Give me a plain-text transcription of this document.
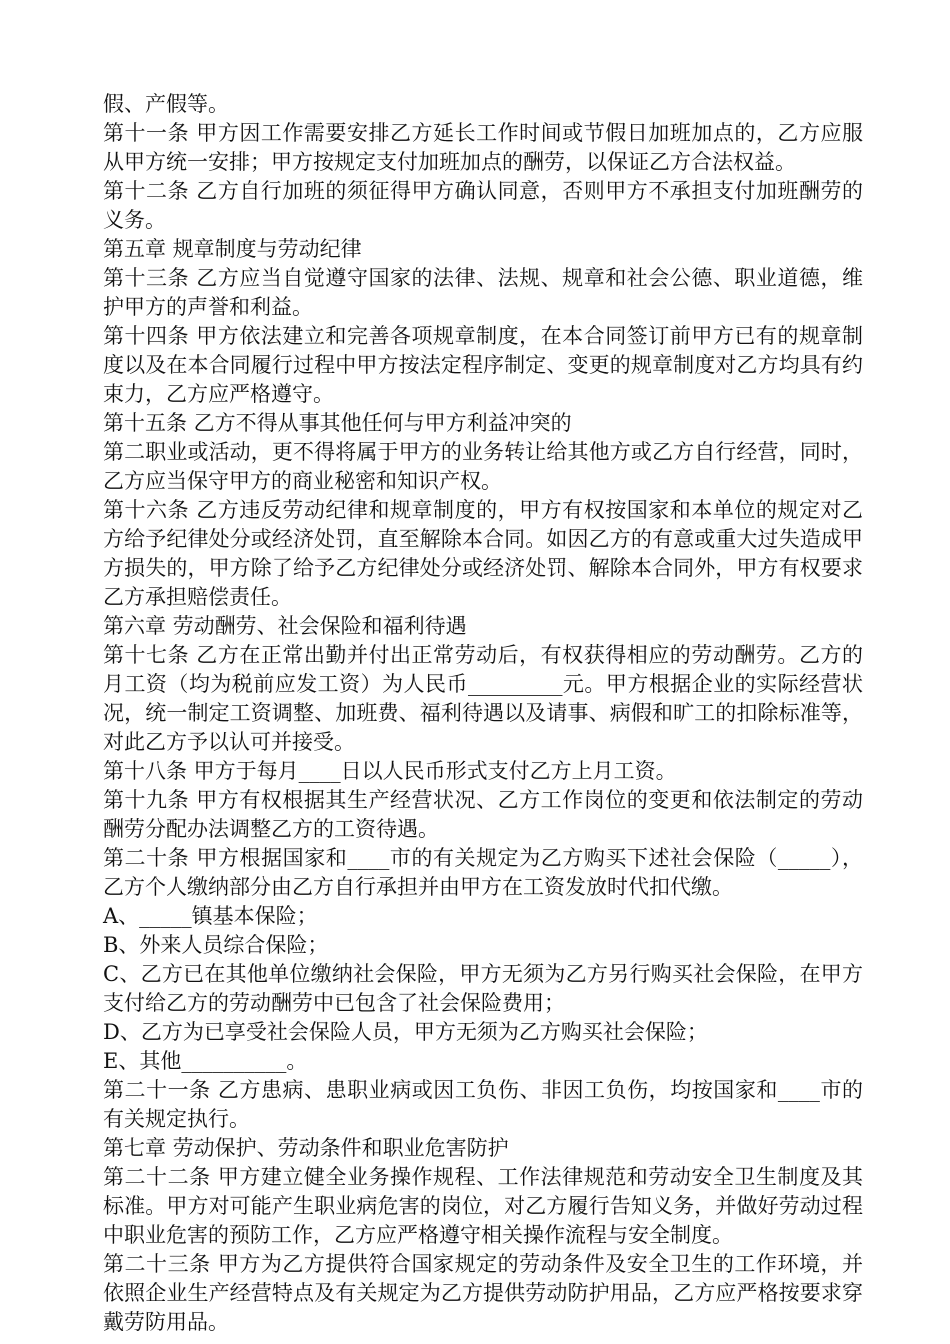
假、产假等。

第十一条 甲方因工作需要安排乙方延长工作时间或节假日加班加点的，乙方应服从甲方统一安排；甲方按规定支付加班加点的酬劳，以保证乙方合法权益。

第十二条 乙方自行加班的须征得甲方确认同意，否则甲方不承担支付加班酬劳的义务。

第五章 规章制度与劳动纪律

第十三条 乙方应当自觉遵守国家的法律、法规、规章和社会公德、职业道德，维护甲方的声誉和利益。

第十四条 甲方依法建立和完善各项规章制度，在本合同签订前甲方已有的规章制度以及在本合同履行过程中甲方按法定程序制定、变更的规章制度对乙方均具有约束力，乙方应严格遵守。

第十五条 乙方不得从事其他任何与甲方利益冲突的

第二职业或活动，更不得将属于甲方的业务转让给其他方或乙方自行经营，同时，乙方应当保守甲方的商业秘密和知识产权。

第十六条 乙方违反劳动纪律和规章制度的，甲方有权按国家和本单位的规定对乙方给予纪律处分或经济处罚，直至解除本合同。如因乙方的有意或重大过失造成甲方损失的，甲方除了给予乙方纪律处分或经济处罚、解除本合同外，甲方有权要求乙方承担赔偿责任。

第六章 劳动酬劳、社会保险和福利待遇

第十七条 乙方在正常出勤并付出正常劳动后，有权获得相应的劳动酬劳。乙方的月工资（均为税前应发工资）为人民币_________元。甲方根据企业的实际经营状况，统一制定工资调整、加班费、福利待遇以及请事、病假和旷工的扣除标准等，对此乙方予以认可并接受。

第十八条 甲方于每月____日以人民币形式支付乙方上月工资。

第十九条 甲方有权根据其生产经营状况、乙方工作岗位的变更和依法制定的劳动酬劳分配办法调整乙方的工资待遇。

第二十条 甲方根据国家和____市的有关规定为乙方购买下述社会保险（_____），乙方个人缴纳部分由乙方自行承担并由甲方在工资发放时代扣代缴。

A、_____镇基本保险；

B、外来人员综合保险；

C、乙方已在其他单位缴纳社会保险，甲方无须为乙方另行购买社会保险，在甲方支付给乙方的劳动酬劳中已包含了社会保险费用；

D、乙方为已享受社会保险人员，甲方无须为乙方购买社会保险；

E、其他__________。

第二十一条 乙方患病、患职业病或因工负伤、非因工负伤，均按国家和____市的有关规定执行。

第七章 劳动保护、劳动条件和职业危害防护

第二十二条 甲方建立健全业务操作规程、工作法律规范和劳动安全卫生制度及其标准。甲方对可能产生职业病危害的岗位，对乙方履行告知义务，并做好劳动过程中职业危害的预防工作，乙方应严格遵守相关操作流程与安全制度。

第二十三条 甲方为乙方提供符合国家规定的劳动条件及安全卫生的工作环境，并依照企业生产经营特点及有关规定为乙方提供劳动防护用品，乙方应严格按要求穿戴劳防用品。
